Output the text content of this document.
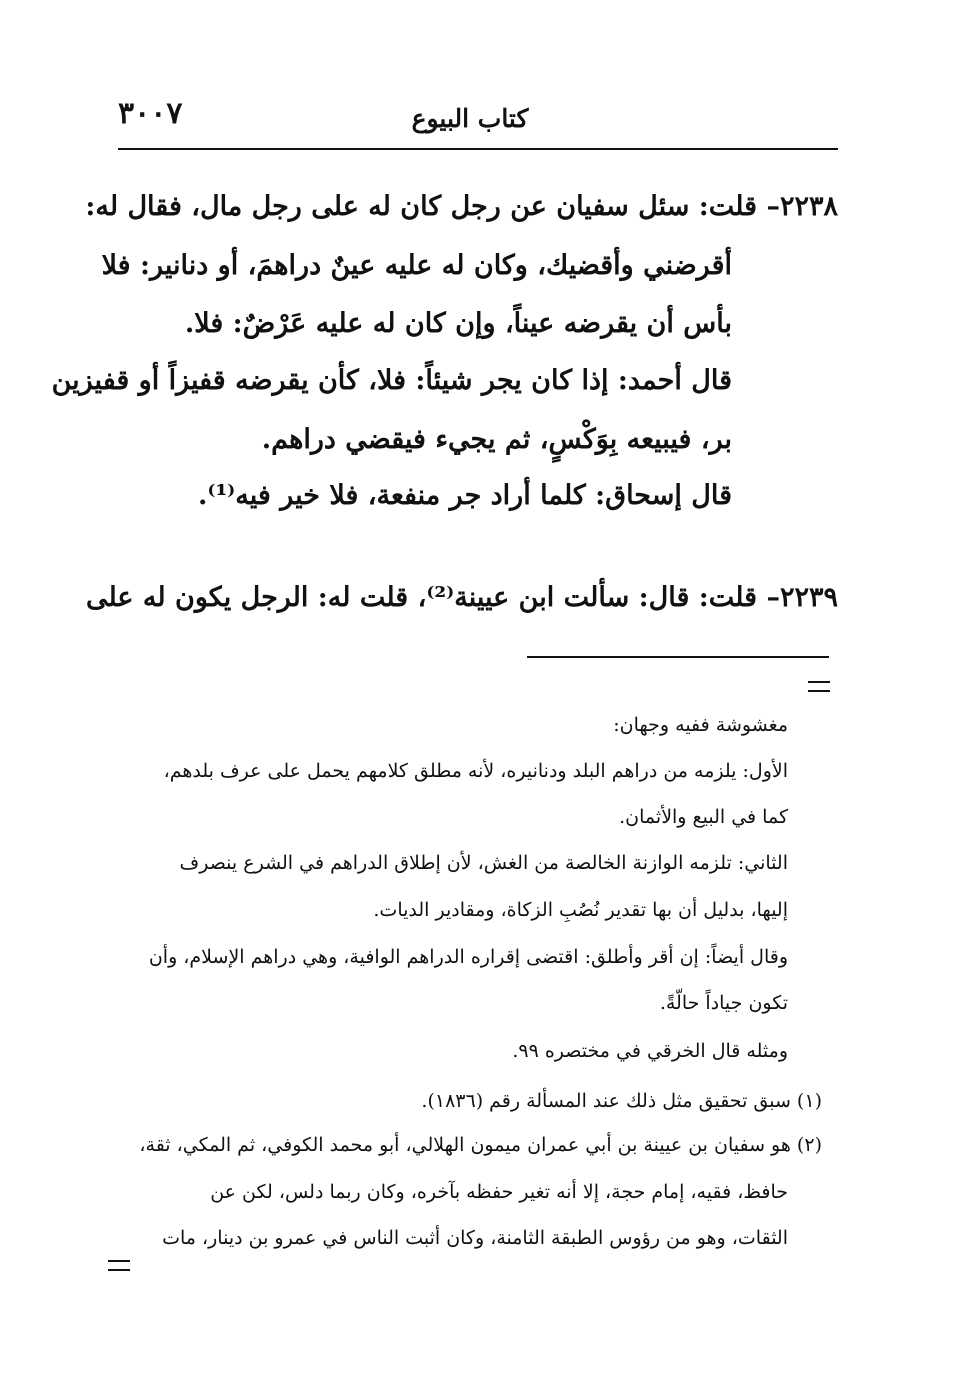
٣٠٠٧	كتاب البيوع
٢٢٣٨– قلت: سئل سفيان عن رجل كان له على رجل مال، فقال له:
أقرضني وأقضيك، وكان له عليه عينٌ دراهمَ، أو دنانير: فلا
بأس أن يقرضه عيناً، وإن كان له عليه عَرْضٌ: فلا.
قال أحمد: إذا كان يجر شيئاً: فلا، كأن يقرضه قفيزاً أو قفيزين
بر، فيبيعه بِوَكْسٍ، ثم يجيء فيقضي دراهم.
قال إسحاق: كلما أراد جر منفعة، فلا خير فيه⁽¹⁾.
٢٢٣٩– قلت: قال: سألت ابن عيينة⁽²⁾، قلت له: الرجل يكون له على
مغشوشة ففيه وجهان:
الأول: يلزمه من دراهم البلد ودنانيره، لأنه مطلق كلامهم يحمل على عرف بلدهم،
كما في البيع والأثمان.
الثاني: تلزمه الوازنة الخالصة من الغش، لأن إطلاق الدراهم في الشرع ينصرف
إليها، بدليل أن بها تقدير نُصُبِ الزكاة، ومقادير الديات.
وقال أيضاً: إن أقر وأطلق: اقتضى إقراره الدراهم الوافية، وهي دراهم الإسلام، وأن
تكون جياداً حالّةً.
ومثله قال الخرقي في مختصره ٩٩.
(١) سبق تحقيق مثل ذلك عند المسألة رقم (١٨٣٦).
(٢) هو سفيان بن عيينة بن أبي عمران ميمون الهلالي، أبو محمد الكوفي، ثم المكي، ثقة،
حافظ، فقيه، إمام حجة، إلا أنه تغير حفظه بآخره، وكان ربما دلس، لكن عن
الثقات، وهو من رؤوس الطبقة الثامنة، وكان أثبت الناس في عمرو بن دينار، مات
